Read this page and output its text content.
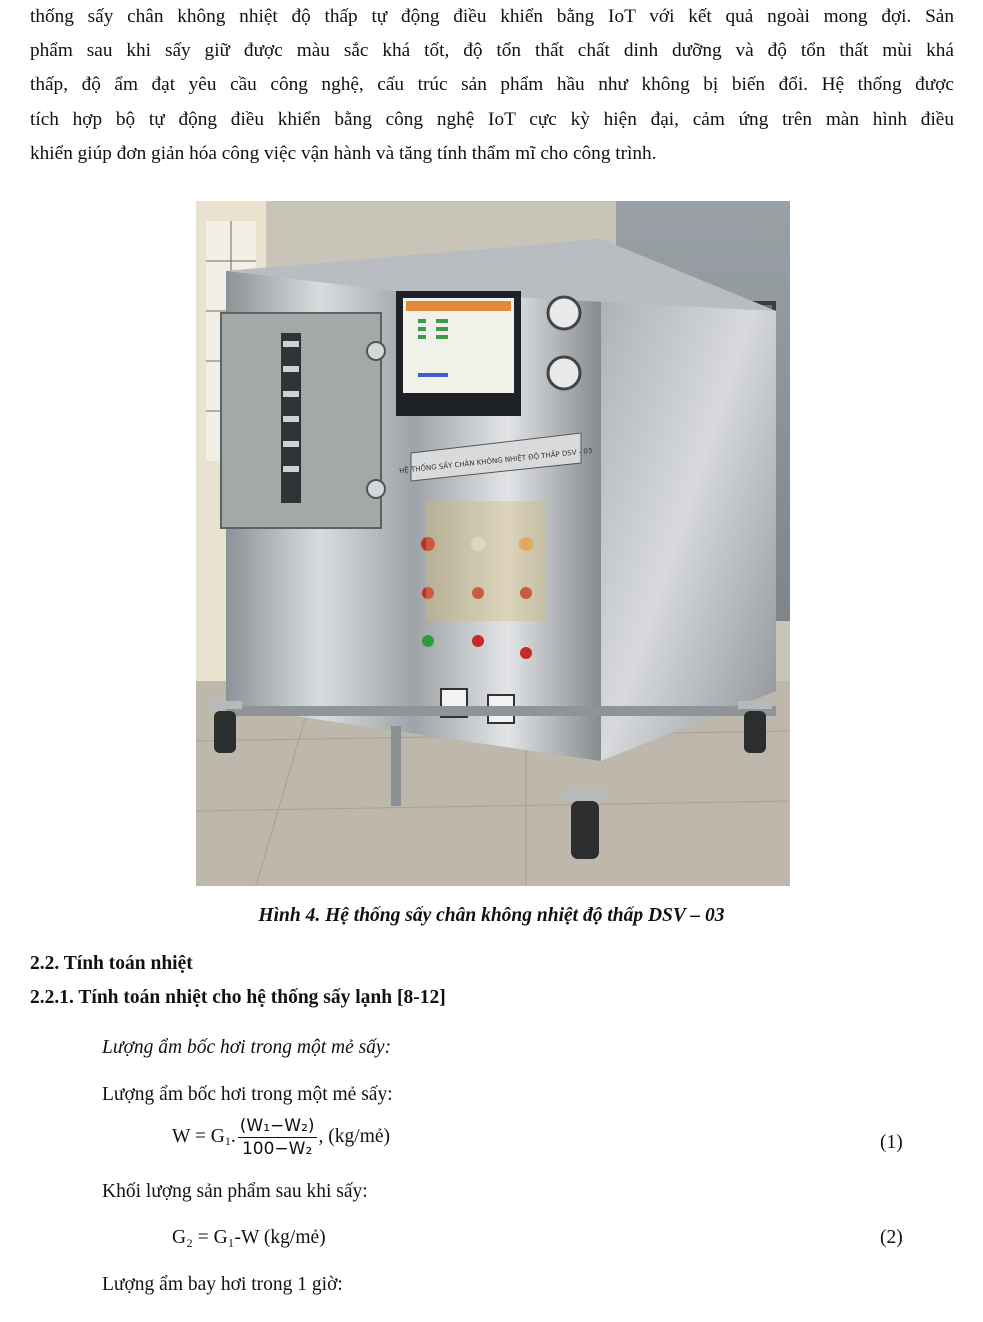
thống sấy chân không nhiệt độ thấp tự động điều khiển bằng IoT với kết quả ngoài mong đợi. Sản
phẩm sau khi sấy giữ được màu sắc khá tốt, độ tổn thất chất dinh dưỡng và độ tổn thất mùi khá
thấp, độ ẩm đạt yêu cầu công nghệ, cấu trúc sản phẩm hầu như không bị biến đổi. Hệ thống được
tích hợp bộ tự động điều khiển bằng công nghệ IoT cực kỳ hiện đại, cảm ứng trên màn hình điều
khiển giúp đơn giản hóa công việc vận hành và tăng tính thẩm mĩ cho công trình.
HỆ THỐNG SẤY CHÂN KHÔNG NHIỆT ĐỘ THẤP DSV - 03
Hình 4. Hệ thống sấy chân không nhiệt độ thấp DSV – 03
2.2. Tính toán nhiệt
2.2.1. Tính toán nhiệt cho hệ thống sấy lạnh [8-12]
Lượng ẩm bốc hơi trong một mẻ sấy:
Lượng ẩm bốc hơi trong một mẻ sấy:
$W = G_1$. $\frac{\text{(W₁−W₂)}}{\text{100−W₂}}$ , (kg/mẻ)	(1)
Khối lượng sản phẩm sau khi sấy:
G₂ = G₁-W (kg/mẻ)	(2)
Lượng ẩm bay hơi trong 1 giờ:
